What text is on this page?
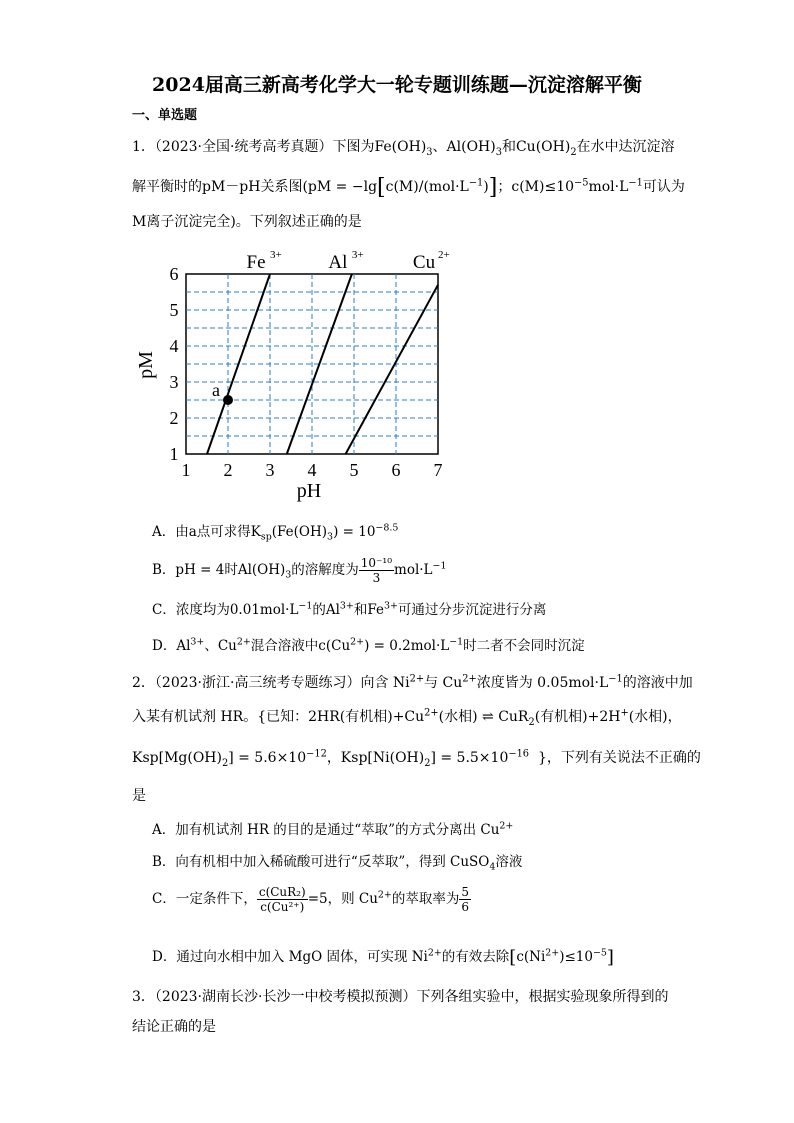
2024届高三新高考化学大一轮专题训练题—沉淀溶解平衡
一、单选题
1．（2023·全国·统考高考真题）下图为$Fe(OH)_3$、$Al(OH)_3$和$Cu(OH)_2$在水中达沉淀溶
解平衡时的pM－pH关系图($pM = -\lg[c(M)/(mol\cdot L^{-1})]$；$c(M)\le 10^{-5}mol\cdot L^{-1}$可认为
M离子沉淀完全)。下列叙述正确的是
1 2 3 4 5 6 7
1
2
3
4
5
6
Fe 3+ Al 3+	Cu 2+
a
pH
pM
A．由a点可求得$K_{sp}(Fe(OH)_3) = 10^{-8.5}$
B．pH = 4时$Al(OH)_3$的溶解度为 $\frac{\text{10⁻¹⁰}}{3} mol\cdot L^{-1}$
C．浓度均为$0.01mol\cdot L^{-1}$的$Al^{3+}$和$Fe^{3+}$可通过分步沉淀进行分离
D．$Al^{3+}$、$Cu^{2+}$混合溶液中$c(Cu^{2+}) = 0.2mol\cdot L^{-1}$时二者不会同时沉淀
2．（2023·浙江·高三统考专题练习）向含 $Ni^{2+}$与 $Cu^{2+}$浓度皆为 $0.05mol\cdot L^{-1}$的溶液中加
入某有机试剂 HR。{已知：2HR(有机相)$+Cu^{2+}$(水相) ⇌ CuR$_2$(有机相)+2H+(水相)，
$Ksp[Mg(OH)_2] = 5.6\times 10^{-12}$，$Ksp[Ni(OH)_2] = 5.5\times 10^{-16}$ }，下列有关说法不正确的
是
A．加有机试剂 HR 的目的是通过“萃取”的方式分离出 $Cu^{2+}$
B．向有机相中加入稀硫酸可进行“反萃取”，得到 CuSO$_4$溶液
C．一定条件下， $\frac{\text{c(CuR₂)}}{\text{c(Cu²⁺)}} =5$，则 $Cu^{2+}$的萃取率为 $\frac{5}{6}$
D．通过向水相中加入 MgO 固体，可实现 $Ni^{2+}$的有效去除$[c(Ni^{2+})\le 10^{-5}]$
3．（2023·湖南长沙·长沙一中校考模拟预测）下列各组实验中，根据实验现象所得到的
结论正确的是
